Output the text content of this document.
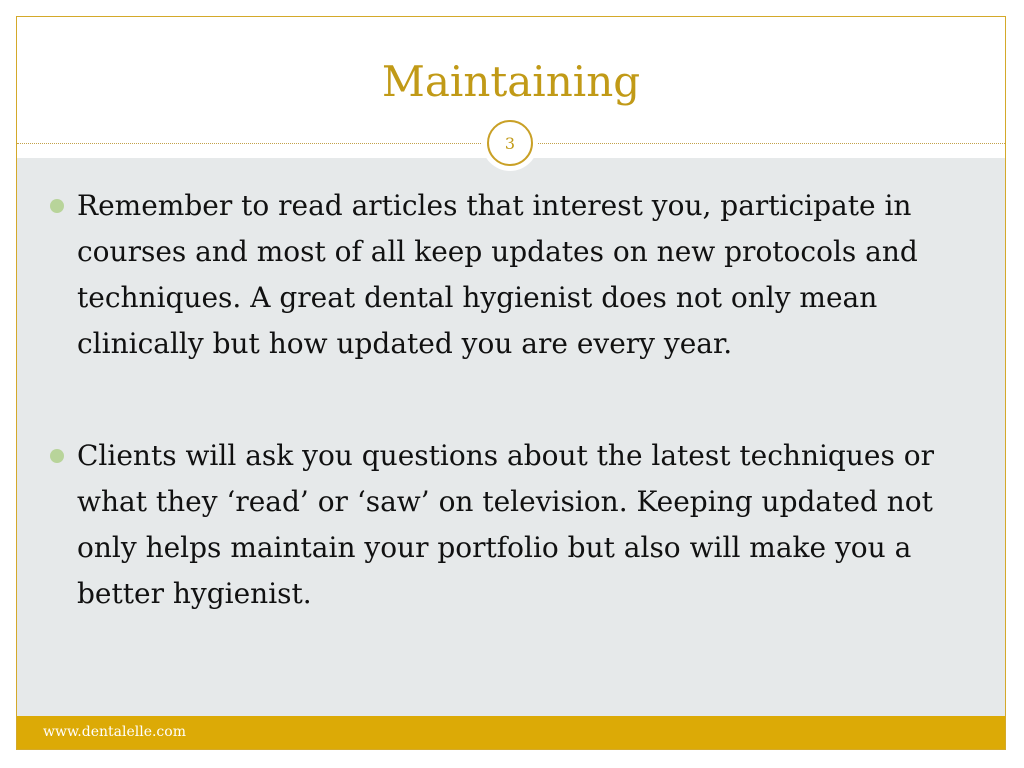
Maintaining
3
Remember to read articles that interest you, participate in courses and most of all keep updates on new protocols and techniques. A great dental hygienist does not only mean clinically but how updated you are every year.
Clients will ask you questions about the latest techniques or what they ‘read’ or ‘saw’ on television. Keeping updated not only helps maintain your portfolio but also will make you a better hygienist.
www.dentalelle.com
